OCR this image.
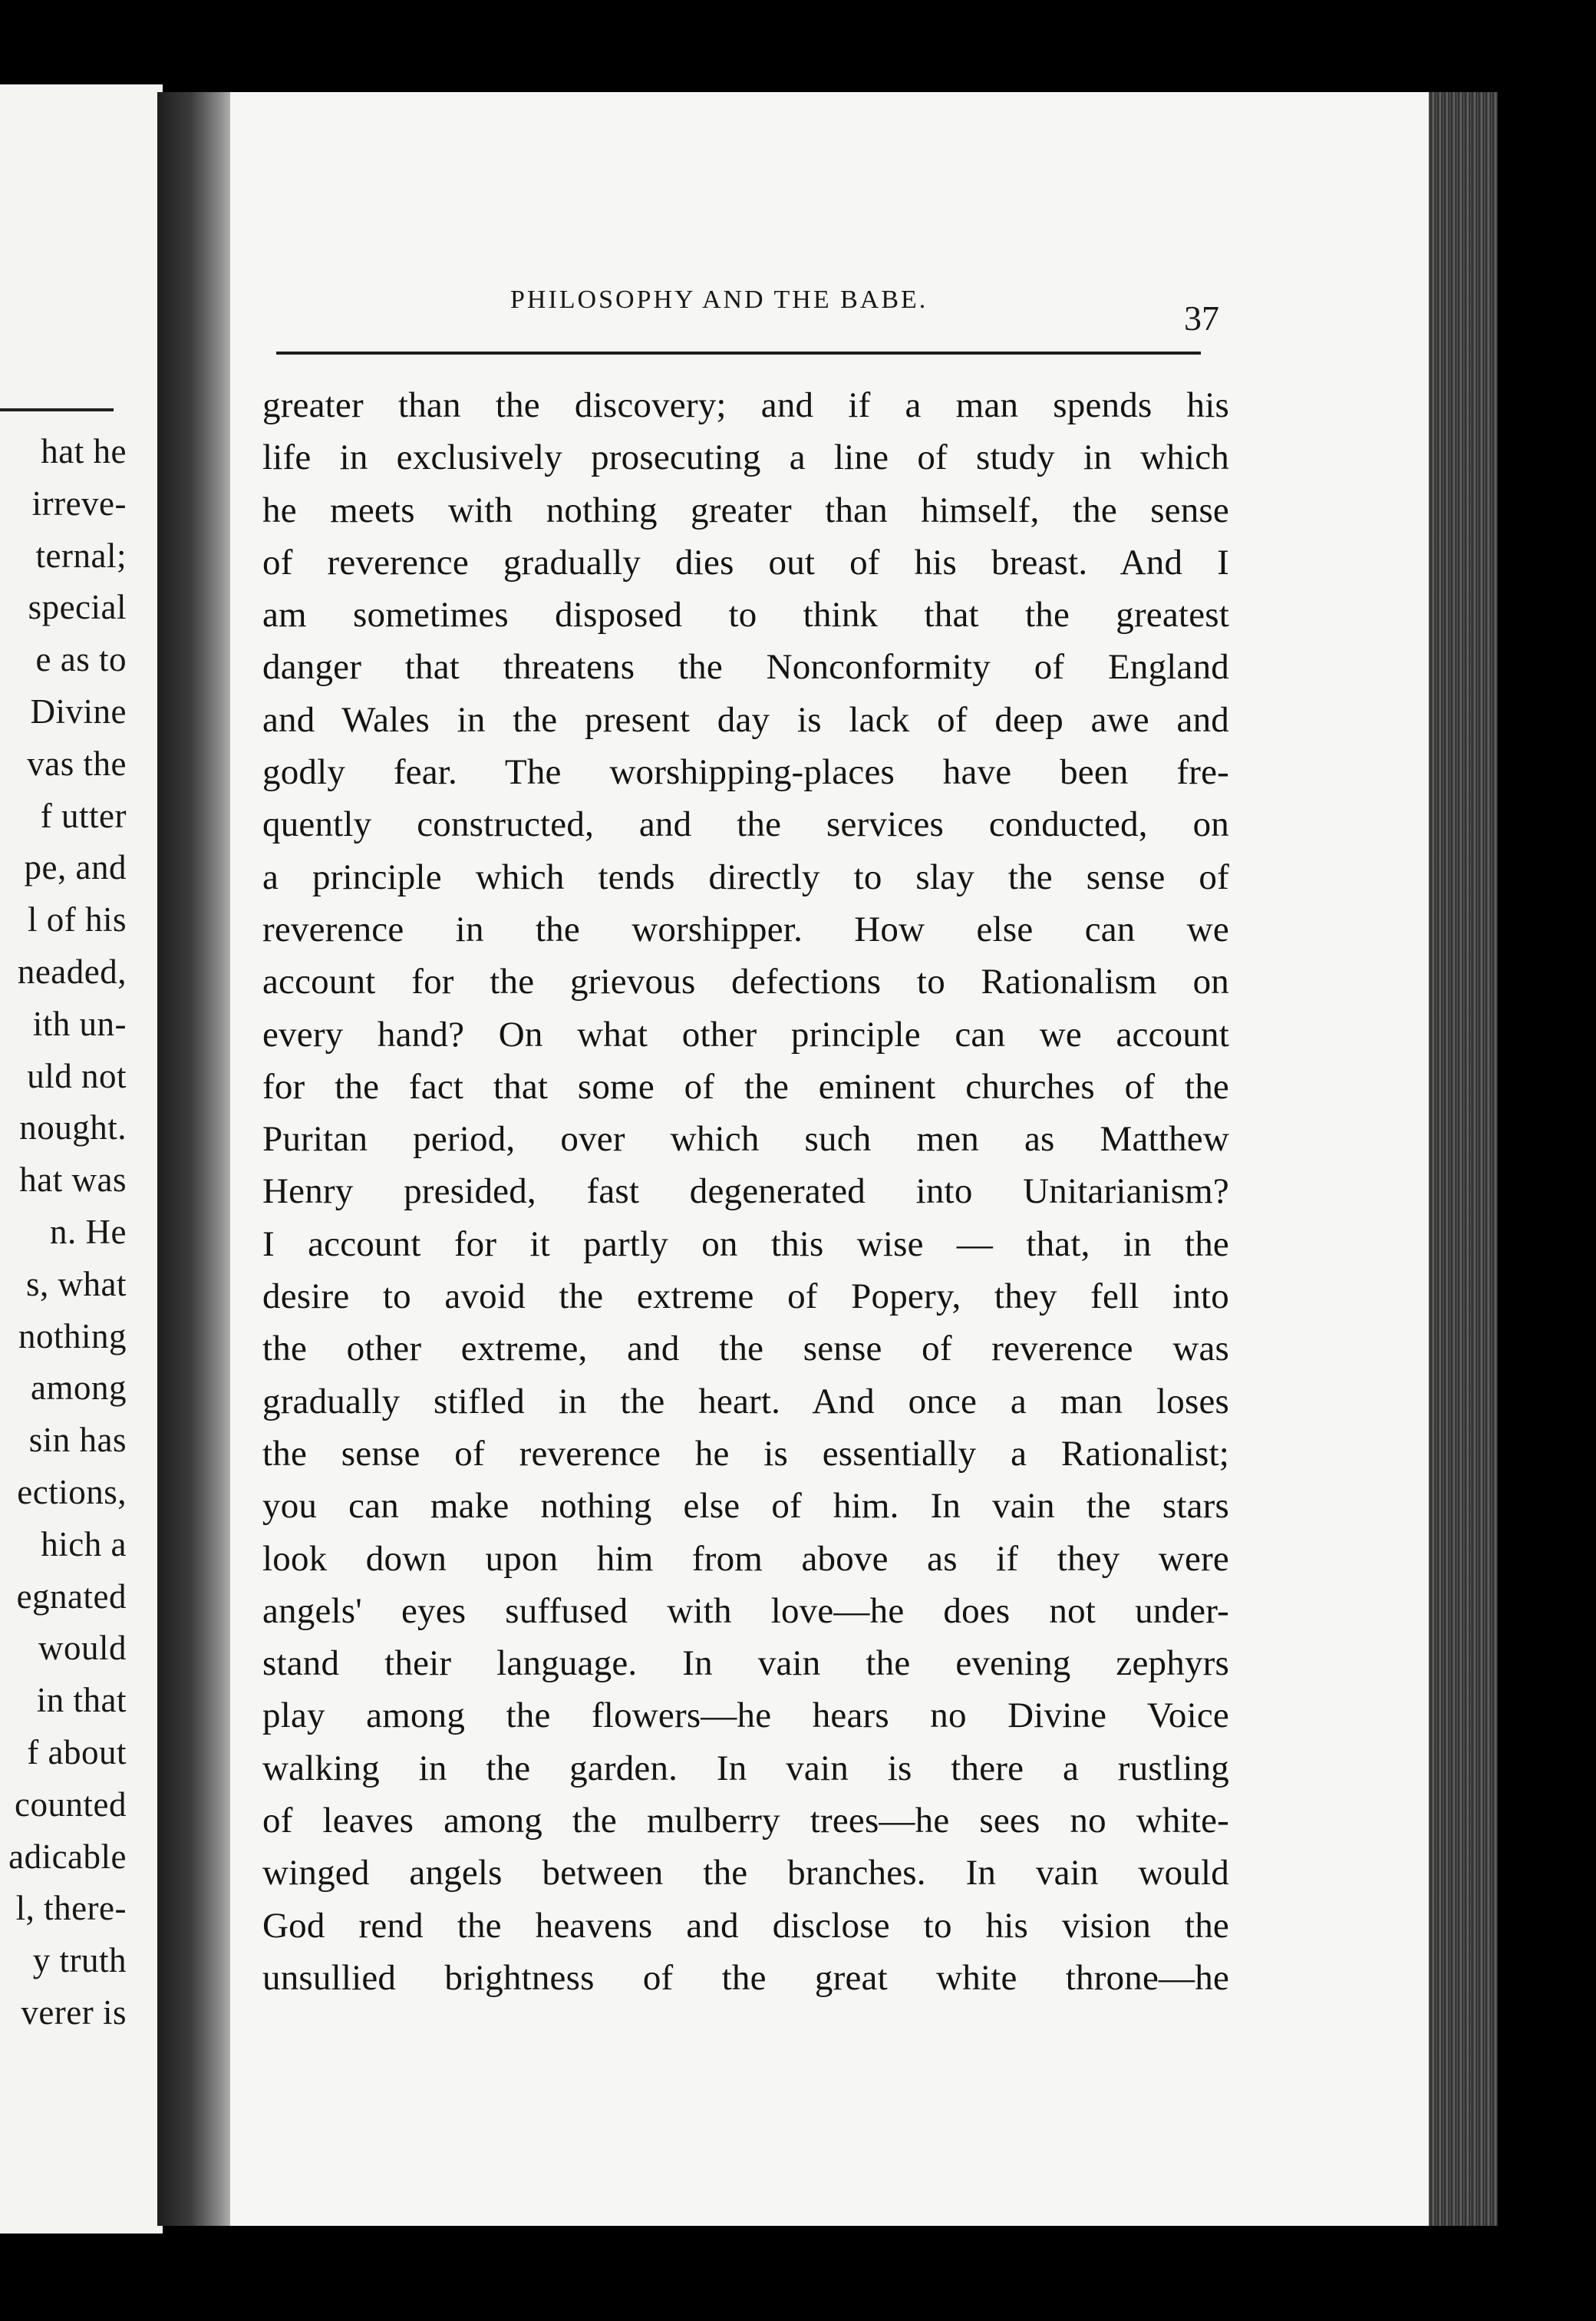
hat he
irreve-
ternal;
special
e as to
Divine
vas the
f utter
pe, and
l of his
neaded,
ith un-
uld not
nought.
hat was
n. He
s, what
nothing
among
sin has
ections,
hich a
egnated
would
in that
f about
counted
adicable
l, there-
y truth
verer is
PHILOSOPHY AND THE BABE.	37
greater than the discovery; and if a man spends his
life in exclusively prosecuting a line of study in which
he meets with nothing greater than himself, the sense
of reverence gradually dies out of his breast. And I
am sometimes disposed to think that the greatest
danger that threatens the Nonconformity of England
and Wales in the present day is lack of deep awe and
godly fear. The worshipping-places have been fre-
quently constructed, and the services conducted, on
a principle which tends directly to slay the sense of
reverence in the worshipper. How else can we
account for the grievous defections to Rationalism on
every hand? On what other principle can we account
for the fact that some of the eminent churches of the
Puritan period, over which such men as Matthew
Henry presided, fast degenerated into Unitarianism?
I account for it partly on this wise — that, in the
desire to avoid the extreme of Popery, they fell into
the other extreme, and the sense of reverence was
gradually stifled in the heart. And once a man loses
the sense of reverence he is essentially a Rationalist;
you can make nothing else of him. In vain the stars
look down upon him from above as if they were
angels' eyes suffused with love—he does not under-
stand their language. In vain the evening zephyrs
play among the flowers—he hears no Divine Voice
walking in the garden. In vain is there a rustling
of leaves among the mulberry trees—he sees no white-
winged angels between the branches. In vain would
God rend the heavens and disclose to his vision the
unsullied brightness of the great white throne—he
